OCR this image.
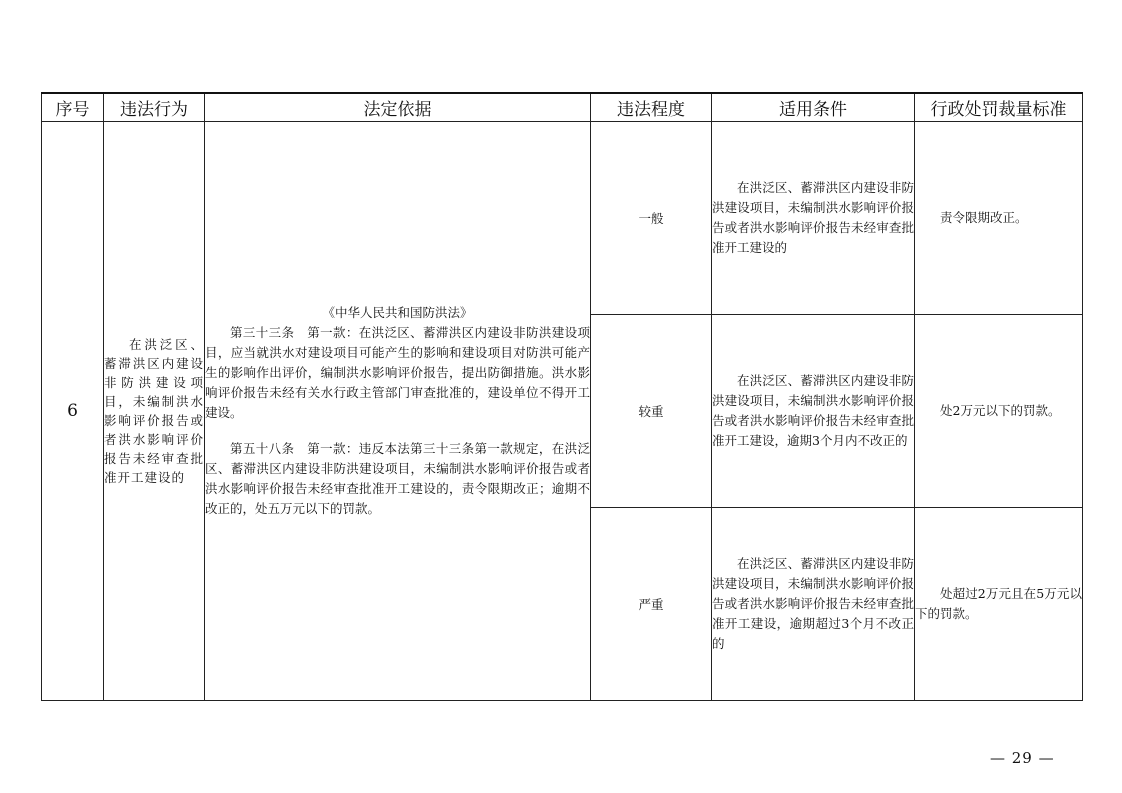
序号	违法行为	法定依据	违法程度	适用条件	行政处罚裁量标准
6	在洪泛区、蓄滞洪区内建设非防洪建设项目，未编制洪水影响评价报告或者洪水影响评价报告未经审查批准开工建设的	《中华人民共和国防洪法》

第三十三条　第一款：在洪泛区、蓄滞洪区内建设非防洪建设项目，应当就洪水对建设项目可能产生的影响和建设项目对防洪可能产生的影响作出评价，编制洪水影响评价报告，提出防御措施。洪水影响评价报告未经有关水行政主管部门审查批准的，建设单位不得开工建设。

第五十八条　第一款：违反本法第三十三条第一款规定，在洪泛区、蓄滞洪区内建设非防洪建设项目，未编制洪水影响评价报告或者洪水影响评价报告未经审查批准开工建设的，责令限期改正；逾期不改正的，处五万元以下的罚款。	一般	在洪泛区、蓄滞洪区内建设非防洪建设项目，未编制洪水影响评价报告或者洪水影响评价报告未经审查批准开工建设的	责令限期改正。

			较重	在洪泛区、蓄滞洪区内建设非防洪建设项目，未编制洪水影响评价报告或者洪水影响评价报告未经审查批准开工建设，逾期3个月内不改正的	处2万元以下的罚款。

			严重	在洪泛区、蓄滞洪区内建设非防洪建设项目，未编制洪水影响评价报告或者洪水影响评价报告未经审查批准开工建设，逾期超过3个月不改正的	处超过2万元且在5万元以下的罚款。
— 29 —
